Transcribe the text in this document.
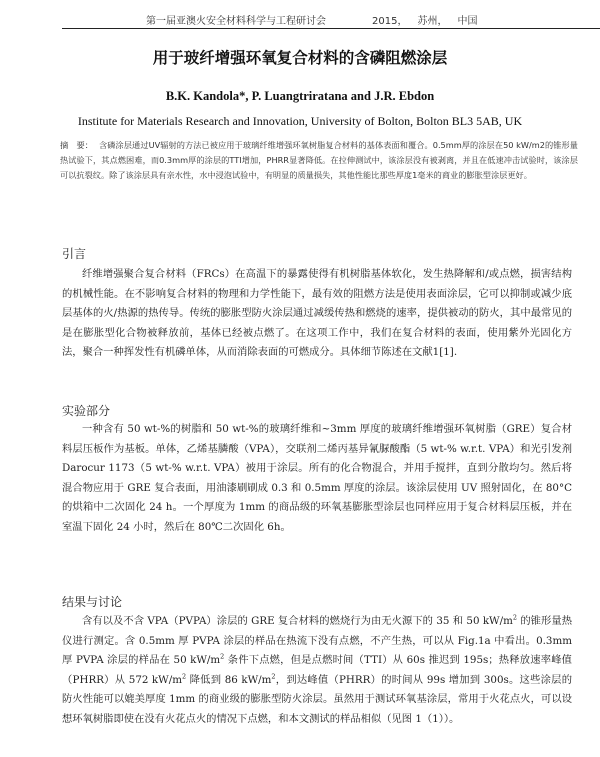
第一届亚澳火安全材料科学与工程研讨会	2015， 苏州， 中国
用于玻纤增强环氧复合材料的含磷阻燃涂层
B.K. Kandola*, P. Luangtriratana and J.R. Ebdon
Institute for Materials Research and Innovation, University of Bolton, Bolton BL3 5AB, UK
摘　要： 含磷涂层通过UV辐射的方法已被应用于玻璃纤维增强环氧树脂复合材料的基体表面和覆合。0.5mm厚的涂层在50 kW/m2的锥形量热试验下，其点燃困难，而0.3mm厚的涂层的TTI增加，PHRR显著降低。在拉伸测试中，该涂层没有被剥离，并且在低速冲击试验时，该涂层可以抗裂纹。除了该涂层具有亲水性，水中浸泡试验中，有明显的质量损失，其他性能比那些厚度1毫米的商业的膨胀型涂层更好。
引言
纤维增强聚合复合材料（FRCs）在高温下的暴露使得有机树脂基体软化，发生热降解和/或点燃，损害结构的机械性能。在不影响复合材料的物理和力学性能下，最有效的阻燃方法是使用表面涂层，它可以抑制或减少底层基体的火/热源的热传导。传统的膨胀型防火涂层通过减缓传热和燃烧的速率，提供被动的防火，其中最常见的是在膨胀型化合物被释放前，基体已经被点燃了。在这项工作中，我们在复合材料的表面，使用紫外光固化方法，聚合一种挥发性有机磷单体，从而消除表面的可燃成分。具体细节陈述在文献1[1].
实验部分
一种含有 50 wt-%的树脂和 50 wt-%的玻璃纤维和~3mm 厚度的玻璃纤维增强环氧树脂（GRE）复合材料层压板作为基板。单体，乙烯基膦酸（VPA），交联剂二烯丙基异氰脲酸酯（5 wt-% w.r.t. VPA）和光引发剂 Darocur 1173（5 wt-% w.r.t. VPA）被用于涂层。所有的化合物混合，并用手搅拌，直到分散均匀。然后将混合物应用于 GRE 复合表面，用油漆刷刷成 0.3 和 0.5mm 厚度的涂层。该涂层使用 UV 照射固化，在 80°C 的烘箱中二次固化 24 h。一个厚度为 1mm 的商品级的环氧基膨胀型涂层也同样应用于复合材料层压板，并在室温下固化 24 小时，然后在 80℃二次固化 6h。
结果与讨论
含有以及不含 VPA（PVPA）涂层的 GRE 复合材料的燃烧行为由无火源下的 35 和 50 $kW/m^2$ 的锥形量热仪进行测定。含 0.5mm 厚 PVPA 涂层的样品在热流下没有点燃，不产生热，可以从 Fig.1a 中看出。0.3mm 厚 PVPA 涂层的样品在 50 $kW/m^2$ 条件下点燃，但是点燃时间（TTI）从 60s 推迟到 195s；热释放速率峰值（PHRR）从 572 $kW/m^2$ 降低到 86 $kW/m^2$，到达峰值（PHRR）的时间从 99s 增加到 300s。这些涂层的防火性能可以媲美厚度 1mm 的商业级的膨胀型防火涂层。虽然用于测试环氧基涂层，常用于火花点火，可以设想环氧树脂即使在没有火花点火的情况下点燃，和本文测试的样品相似（见图 1（1））。
